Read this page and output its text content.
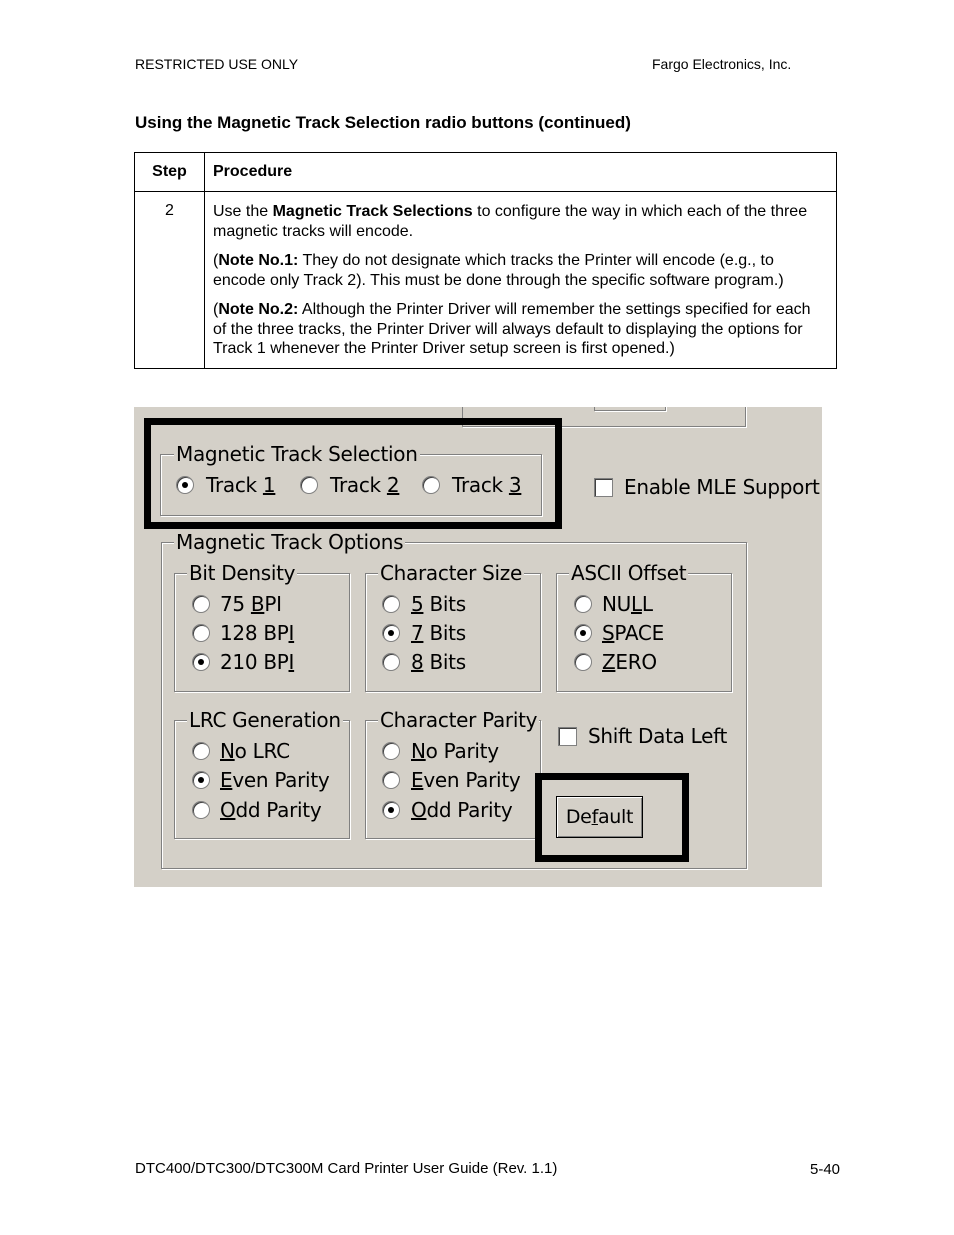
RESTRICTED USE ONLY	Fargo Electronics, Inc.
Using the Magnetic Track Selection radio buttons (continued)
Step	Procedure
2	Use the Magnetic Track Selections to configure the way in which each of the three magnetic tracks will encode.

(Note No.1: They do not designate which tracks the Printer will encode (e.g., to encode only Track 2). This must be done through the specific software program.)

(Note No.2: Although the Printer Driver will remember the settings specified for each of the three tracks, the Printer Driver will always default to displaying the options for Track 1 whenever the Printer Driver setup screen is first opened.)

Magnetic Track Selection
Track 1	Track 2	Track 3	Enable MLE Support
Magnetic Track Options
Bit Density
75 BPI
128 BPI
210 BPI
Character Size
5 Bits
7 Bits
8 Bits
ASCII Offset
NULL
SPACE
ZERO
LRC Generation
No LRC
Even Parity
Odd Parity
Character Parity
No Parity
Even Parity
Odd Parity
Shift Data Left
De f ault
DTC400/DTC300/DTC300M Card Printer User Guide (Rev. 1.1)	5-40
